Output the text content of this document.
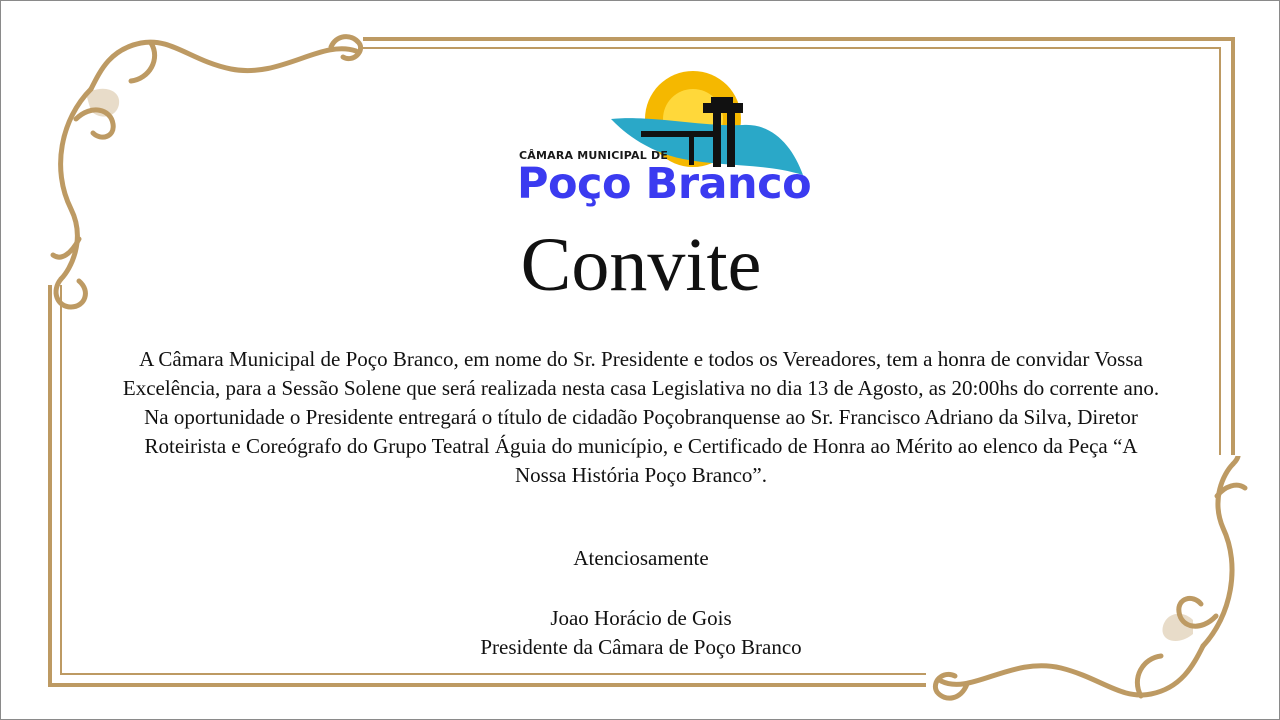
CÂMARA MUNICIPAL DE
Poço Branco
Convite

A Câmara Municipal de Poço Branco, em nome do Sr. Presidente e todos os Vereadores, tem a honra de convidar Vossa Excelência, para a Sessão Solene que será realizada nesta casa Legislativa no dia 13 de Agosto, as 20:00hs do corrente ano.

Na oportunidade o Presidente entregará o título de cidadão Poçobranquense ao Sr. Francisco Adriano da Silva, Diretor Roteirista e Coreógrafo do Grupo Teatral Águia do município, e Certificado de Honra ao Mérito ao elenco da Peça “A Nossa História Poço Branco”.

Atenciosamente
Joao Horácio de Gois
Presidente da Câmara de Poço Branco
